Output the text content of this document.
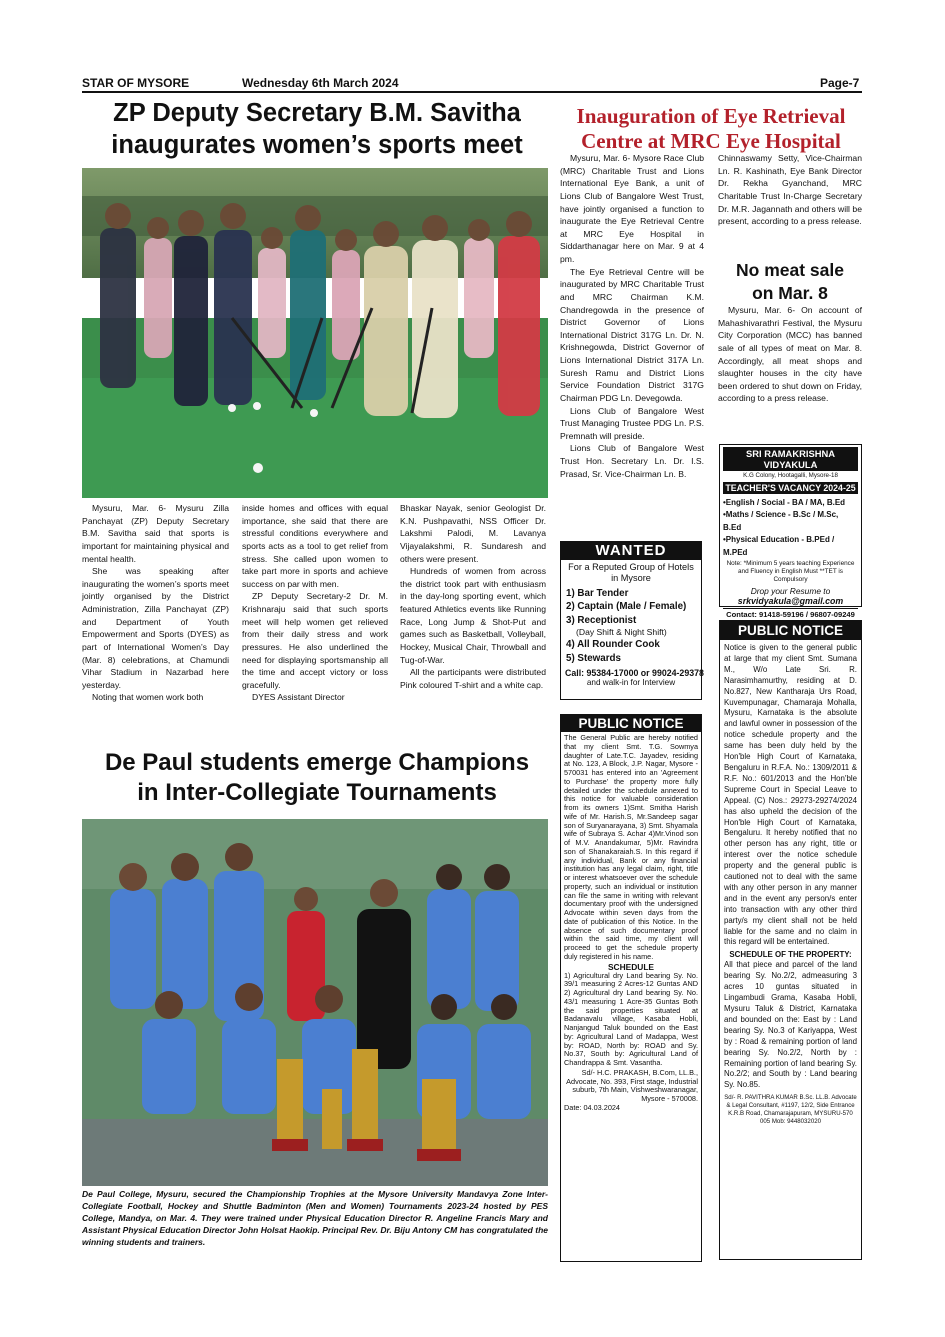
STAR OF MYSORE	Wednesday 6th March 2024	Page-7
ZP Deputy Secretary B.M. Savitha
inaugurates women’s sports meet

Mysuru, Mar. 6- Mysuru Zilla Panchayat (ZP) Deputy Secretary B.M. Savitha said that sports is important for maintaining physical and mental health.

She was speaking after inaugurating the women’s sports meet jointly organised by the District Administration, Zilla Panchayat (ZP) and Department of Youth Empowerment and Sports (DYES) as part of International Women’s Day (Mar. 8) celebrations, at Chamundi Vihar Stadium in Nazarbad here yesterday.

Noting that women work both

inside homes and offices with equal importance, she said that there are stressful conditions everywhere and sports acts as a tool to get relief from stress. She called upon women to take part more in sports and achieve success on par with men.

ZP Deputy Secretary-2 Dr. M. Krishnaraju said that such sports meet will help women get relieved from their daily stress and work pressures. He also underlined the need for displaying sportsmanship all the time and accept victory or loss gracefully.

DYES Assistant Director

Bhaskar Nayak, senior Geologist Dr. K.N. Pushpavathi, NSS Officer Dr. Lakshmi Palodi, M. Lavanya Vijayalakshmi, R. Sundaresh and others were present.

Hundreds of women from across the district took part with enthusiasm in the day-long sporting event, which featured Athletics events like Running Race, Long Jump & Shot-Put and games such as Basketball, Volleyball, Hockey, Musical Chair, Throwball and Tug-of-War.

All the participants were distributed Pink coloured T-shirt and a white cap.

De Paul students emerge Champions
in Inter-Collegiate Tournaments
De Paul College, Mysuru, secured the Championship Trophies at the Mysore University Mandavya Zone Inter-Collegiate Football, Hockey and Shuttle Badminton (Men and Women) Tournaments 2023-24 hosted by PES College, Mandya, on Mar. 4. They were trained under Physical Education Director R. Angeline Francis Mary and Assistant Physical Education Director John Holsat Haokip. Principal Rev. Dr. Biju Antony CM has congratulated the winning students and trainers.
Inauguration of Eye Retrieval
Centre at MRC Eye Hospital

Mysuru, Mar. 6- Mysore Race Club (MRC) Charitable Trust and Lions International Eye Bank, a unit of Lions Club of Bangalore West Trust, have jointly organised a function to inaugurate the Eye Retrieval Centre at MRC Eye Hospital in Siddarthanagar here on Mar. 9 at 4 pm.

The Eye Retrieval Centre will be inaugurated by MRC Charitable Trust and MRC Chairman K.M. Chandregowda in the presence of District Governor of Lions International District 317G Ln. Dr. N. Krishnegowda, District Governor of Lions International District 317A Ln. Suresh Ramu and District Lions Service Foundation District 317G Chairman PDG Ln. Devegowda.

Lions Club of Bangalore West Trust Managing Trustee PDG Ln. P.S. Premnath will preside.

Lions Club of Bangalore West Trust Hon. Secretary Ln. Dr. I.S. Prasad, Sr. Vice-Chairman Ln. B.

Chinnaswamy Setty, Vice-Chairman Ln. R. Kashinath, Eye Bank Director Dr. Rekha Gyanchand, MRC Charitable Trust In-Charge Secretary Dr. M.R. Jagannath and others will be present, according to a press release.

No meat sale
on Mar. 8

Mysuru, Mar. 6- On account of Mahashivarathri Festival, the Mysuru City Corporation (MCC) has banned sale of all types of meat on Mar. 8. Accordingly, all meat shops and slaughter houses in the city have been ordered to shut down on Friday, according to a press release.

SRI RAMAKRISHNA VIDYAKULA
K.G Colony, Hootagalli, Mysore-18
TEACHER'S VACANCY 2024-25
•English / Social - BA / MA, B.Ed
•Maths / Science - B.Sc / M.Sc, B.Ed
•Physical Education - B.PEd / M.PEd
Note: *Minimum 5 years teaching Experience and Fluency in English Must **TET is Compulsory
Drop your Resume to
srkvidyakula@gmail.com
Contact: 91418-59196 / 96807-09249
WANTED
For a Reputed Group of Hotels in Mysore
1) Bar Tender
2) Captain (Male / Female)
3) Receptionist
(Day Shift & Night Shift)
4) All Rounder Cook
5) Stewards
Call: 95384-17000 or 99024-29378
and walk-in for Interview
PUBLIC NOTICE
The General Public are hereby notified that my client Smt. T.G. Sowmya daughter of Late.T.C. Jayadev, residing at No. 123, A Block, J.P. Nagar, Mysore - 570031 has entered into an 'Agreement to Purchase' the property more fully detailed under the schedule annexed to this notice for valuable consideration from its owners 1)Smt. Smitha Harish wife of Mr. Harish.S, Mr.Sandeep sagar son of Suryanarayana, 3) Smt. Shyamala wife of Subraya S. Achar 4)Mr.Vinod son of M.V. Anandakumar, 5)Mr. Ravindra son of Shanakaraiah.S. In this regard if any individual, Bank or any financial institution has any legal claim, right, title or interest whatsoever over the schedule property, such an individual or institution can file the same in writing with relevant documentary proof with the undersigned Advocate within seven days from the date of publication of this Notice. In the absence of such documentary proof within the said time, my client will proceed to get the schedule property duly registered in his name.
SCHEDULE
1) Agricultural dry Land bearing Sy. No. 39/1 measuring 2 Acres-12 Guntas AND 2) Agricultural dry Land bearing Sy. No. 43/1 measuring 1 Acre-35 Guntas Both the said properties situated at Badanavalu village, Kasaba Hobli, Nanjangud Taluk bounded on the East by: Agricultural Land of Madappa, West by: ROAD, North by: ROAD and Sy. No.37, South by: Agricultural Land of Chandrappa & Smt. Vasantha.
Sd/- H.C. PRAKASH, B.Com, LL.B., Advocate, No. 393, First stage, Industrial suburb, 7th Main, Vishweshwaranagar, Mysore - 570008.
Date: 04.03.2024
PUBLIC NOTICE
Notice is given to the general public at large that my client Smt. Sumana M., W/o Late Sri. R. Narasimhamurthy, residing at D. No.827, New Kantharaja Urs Road, Kuvempunagar, Chamaraja Mohalla, Mysuru, Karnataka is the absolute and lawful owner in possession of the notice schedule property and the same has been duly held by the Hon'ble High Court of Karnataka, Bengaluru in R.F.A. No.: 1309/2011 & R.F. No.: 601/2013 and the Hon'ble Supreme Court in Special Leave to Appeal. (C) Nos.: 29273-29274/2024 has also upheld the decision of the Hon'ble High Court of Karnataka, Bengaluru. It hereby notified that no other person has any right, title or interest over the notice schedule property and the general public is cautioned not to deal with the same with any other person in any manner and in the event any person/s enter into transaction with any other third party/s my client shall not be held liable for the same and no claim in this regard will be entertained.
SCHEDULE OF THE PROPERTY:
All that piece and parcel of the land bearing Sy. No.2/2, admeasuring 3 acres 10 guntas situated in Lingambudi Grama, Kasaba Hobli, Mysuru Taluk & District, Karnataka and bounded on the: East by : Land bearing Sy. No.3 of Kariyappa, West by : Road & remaining portion of land bearing Sy. No.2/2, North by : Remaining portion of land bearing Sy. No.2/2; and South by : Land bearing Sy. No.85.
Sd/- R. PAVITHRA KUMAR B.Sc. LL.B. Advocate & Legal Consultant, #1197, 12/2, Side Entrance K.R.B Road, Chamarajapuram, MYSURU-570 005 Mob: 9448032020
